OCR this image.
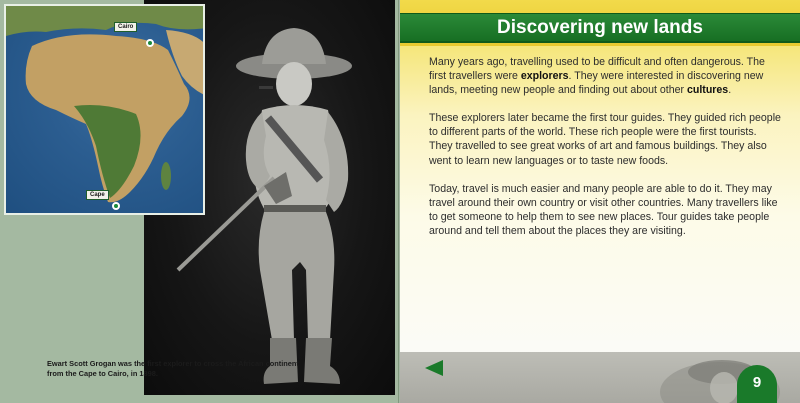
Cairo
Cape
Discovering new lands

Many years ago, travelling used to be difficult and often dangerous. The first travellers were explorers. They were interested in discovering new lands, meeting new people and finding out about other cultures.

These explorers later became the first tour guides. They guided rich people to different parts of the world. These rich people were the first tourists. They travelled to see great works of art and famous buildings. They also went to learn new languages or to taste new foods.

Today, travel is much easier and many people are able to do it. They may travel around their own country or visit other countries. Many travellers like to get someone to help them to see new places. Tour guides take people around and tell them about the places they are visiting.

Ewart Scott Grogan was the first explorer to cross the African continent
from the Cape to Cairo, in 1898.
9
